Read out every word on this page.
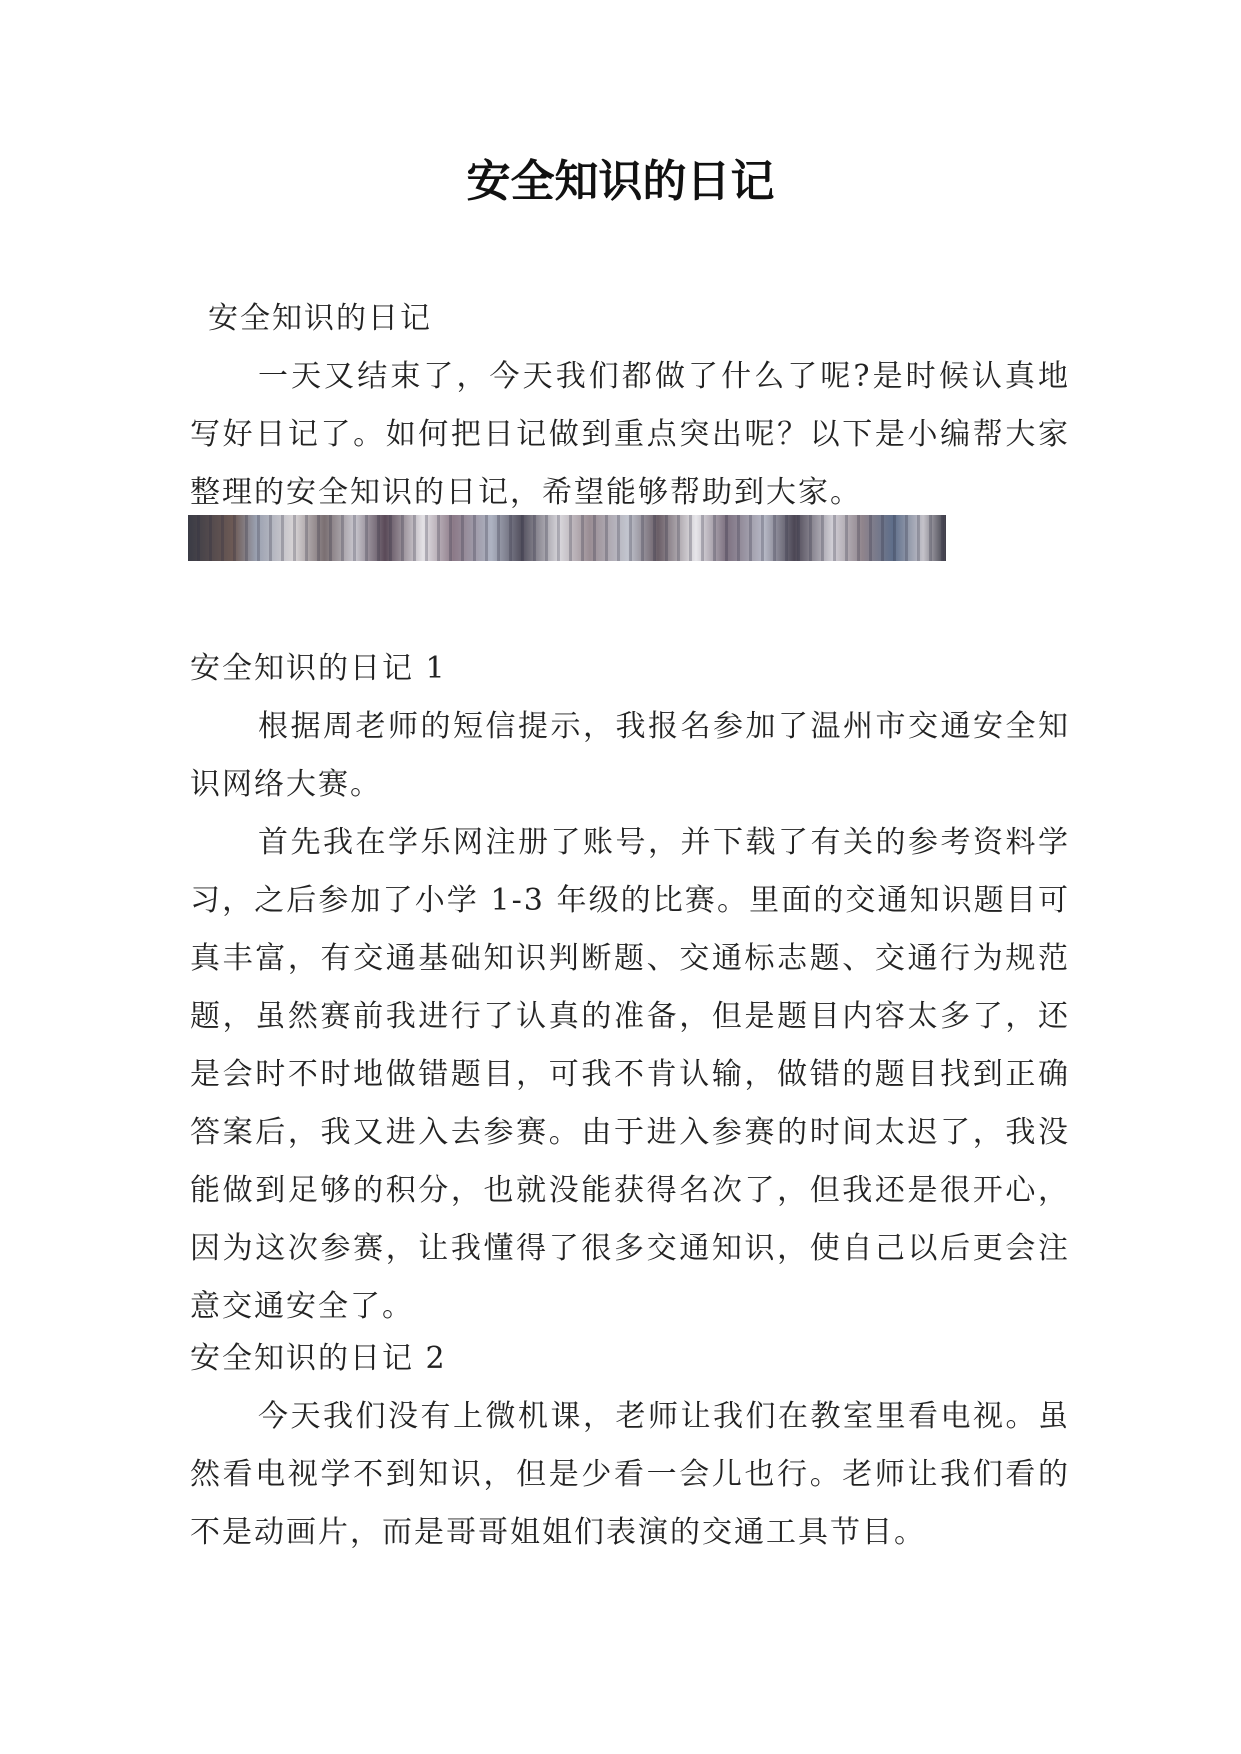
安全知识的日记
安全知识的日记

一天又结束了，今天我们都做了什么了呢?是时候认真地写好日记了。如何把日记做到重点突出呢？以下是小编帮大家整理的安全知识的日记，希望能够帮助到大家。

安全知识的日记 1

根据周老师的短信提示，我报名参加了温州市交通安全知识网络大赛。

首先我在学乐网注册了账号，并下载了有关的参考资料学习，之后参加了小学 1-3 年级的比赛。里面的交通知识题目可真丰富，有交通基础知识判断题、交通标志题、交通行为规范题，虽然赛前我进行了认真的准备，但是题目内容太多了，还是会时不时地做错题目，可我不肯认输，做错的题目找到正确答案后，我又进入去参赛。由于进入参赛的时间太迟了，我没能做到足够的积分，也就没能获得名次了，但我还是很开心，因为这次参赛，让我懂得了很多交通知识，使自己以后更会注意交通安全了。

安全知识的日记 2

今天我们没有上微机课，老师让我们在教室里看电视。虽然看电视学不到知识，但是少看一会儿也行。老师让我们看的不是动画片，而是哥哥姐姐们表演的交通工具节目。
